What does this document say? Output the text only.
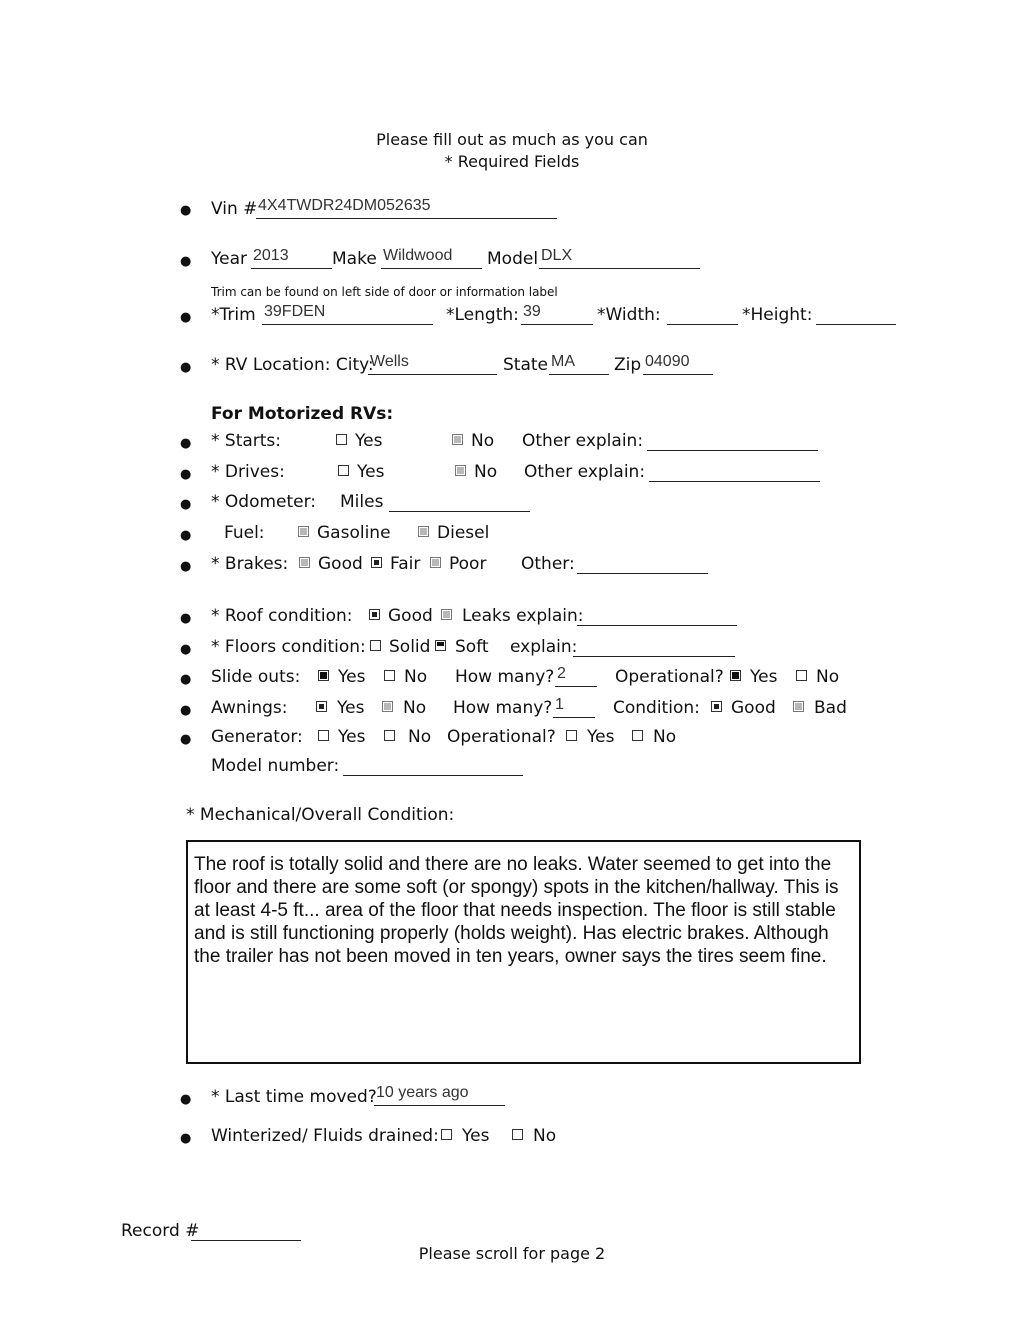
Please fill out as much as you can
* Required Fields
● Vin # 4X4TWDR24DM052635
● Year 2013	Make Wildwood	Model DLX
Trim can be found on left side of door or information label
● *Trim 39FDEN	*Length: 39	*Width:	*Height:
● * RV Location: City:
Wells	State MA	Zip 04090
For Motorized RVs:
● * Starts:	Yes	No Other explain:
● * Drives:	Yes	No Other explain:
● * Odometer: Miles
● Fuel:	Gasoline	Diesel
● * Brakes: Good Fair Poor Other:
● * Roof condition: Good Leaks explain:
● * Floors condition: Solid Soft explain:
● Slide outs: Yes No How many? 2	Operational? Yes No
● Awnings:	Yes No How many? 1	Condition: Good Bad
● Generator: Yes	No Operational? Yes No
Model number:
* Mechanical/Overall Condition:
The roof is totally solid and there are no leaks. Water seemed to get into the floor and there are some soft (or spongy) spots in the kitchen/hallway. This is at least 4-5 ft... area of the floor that needs inspection. The floor is still stable and is still functioning properly (holds weight). Has electric brakes. Although the trailer has not been moved in ten years, owner says the tires seem fine.
● * Last time moved? 10 years ago
● Winterized/ Fluids drained: Yes	No
Record #
Please scroll for page 2
